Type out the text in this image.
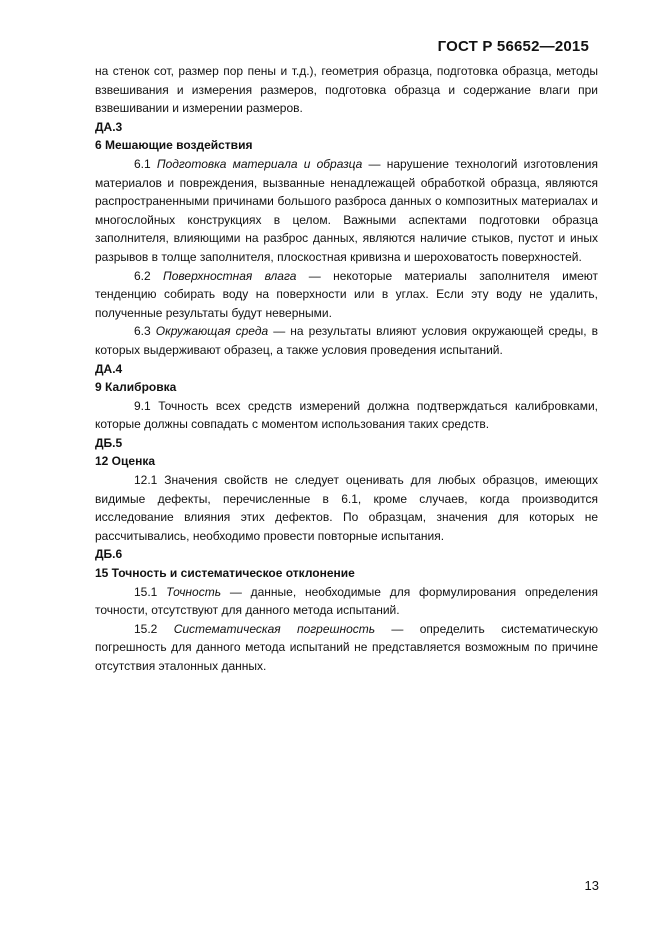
ГОСТ Р 56652—2015

на стенок сот, размер пор пены и т.д.), геометрия образца, подготовка образца, методы взвешивания и измерения размеров, подготовка образца и содержание влаги при взвешивании и измерении размеров.

ДА.3

6 Мешающие воздействия

6.1 Подготовка материала и образца — нарушение технологий изготовления материалов и повреждения, вызванные ненадлежащей обработкой образца, являются распространенными причинами большого разброса данных о композитных материалах и многослойных конструкциях в целом. Важными аспектами подготовки образца заполнителя, влияющими на разброс данных, являются наличие стыков, пустот и иных разрывов в толще заполнителя, плоскостная кривизна и шероховатость поверхностей.

6.2 Поверхностная влага — некоторые материалы заполнителя имеют тенденцию собирать воду на поверхности или в углах. Если эту воду не удалить, полученные результаты будут неверными.

6.3 Окружающая среда — на результаты влияют условия окружающей среды, в которых выдерживают образец, а также условия проведения испытаний.

ДА.4

9 Калибровка

9.1 Точность всех средств измерений должна подтверждаться калибровками, которые должны совпадать с моментом использования таких средств.

ДБ.5

12 Оценка

12.1 Значения свойств не следует оценивать для любых образцов, имеющих видимые дефекты, перечисленные в 6.1, кроме случаев, когда производится исследование влияния этих дефектов. По образцам, значения для которых не рассчитывались, необходимо провести повторные испытания.

ДБ.6

15 Точность и систематическое отклонение

15.1 Точность — данные, необходимые для формулирования определения точности, отсутствуют для данного метода испытаний.

15.2 Систематическая погрешность — определить систематическую погрешность для данного метода испытаний не представляется возможным по причине отсутствия эталонных данных.

13
